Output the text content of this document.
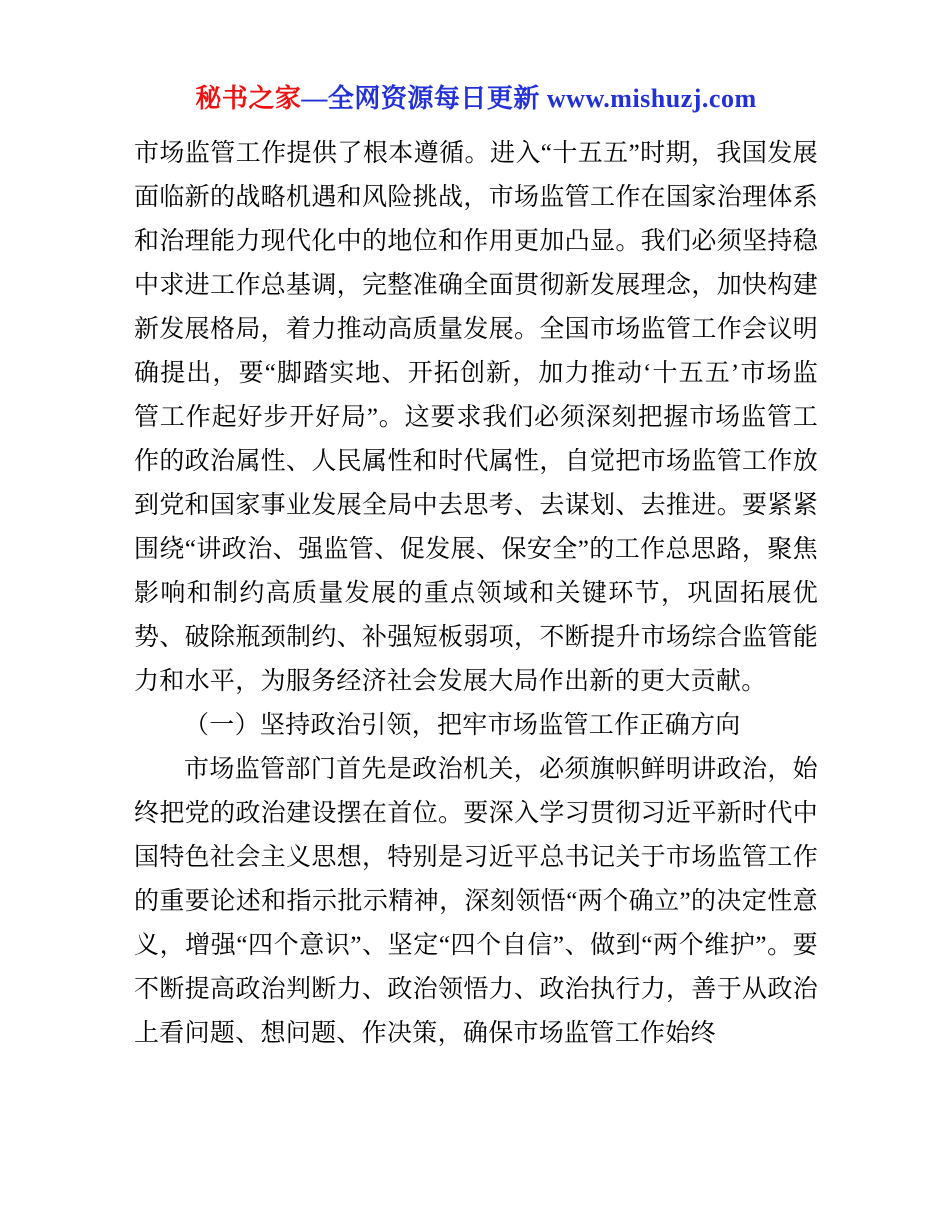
秘书之家—全网资源每日更新 www.mishuzj.com

市场监管工作提供了根本遵循。进入“十五五”时期，我国发展面临新的战略机遇和风险挑战，市场监管工作在国家治理体系和治理能力现代化中的地位和作用更加凸显。我们必须坚持稳中求进工作总基调，完整准确全面贯彻新发展理念，加快构建新发展格局，着力推动高质量发展。全国市场监管工作会议明确提出，要“脚踏实地、开拓创新，加力推动‘十五五’市场监管工作起好步开好局”。这要求我们必须深刻把握市场监管工作的政治属性、人民属性和时代属性，自觉把市场监管工作放到党和国家事业发展全局中去思考、去谋划、去推进。要紧紧围绕“讲政治、强监管、促发展、保安全”的工作总思路，聚焦影响和制约高质量发展的重点领域和关键环节，巩固拓展优势、破除瓶颈制约、补强短板弱项，不断提升市场综合监管能力和水平，为服务经济社会发展大局作出新的更大贡献。

（一）坚持政治引领，把牢市场监管工作正确方向

市场监管部门首先是政治机关，必须旗帜鲜明讲政治，始终把党的政治建设摆在首位。要深入学习贯彻习近平新时代中国特色社会主义思想，特别是习近平总书记关于市场监管工作的重要论述和指示批示精神，深刻领悟“两个确立”的决定性意义，增强“四个意识”、坚定“四个自信”、做到“两个维护”。要不断提高政治判断力、政治领悟力、政治执行力，善于从政治上看问题、想问题、作决策，确保市场监管工作始终
